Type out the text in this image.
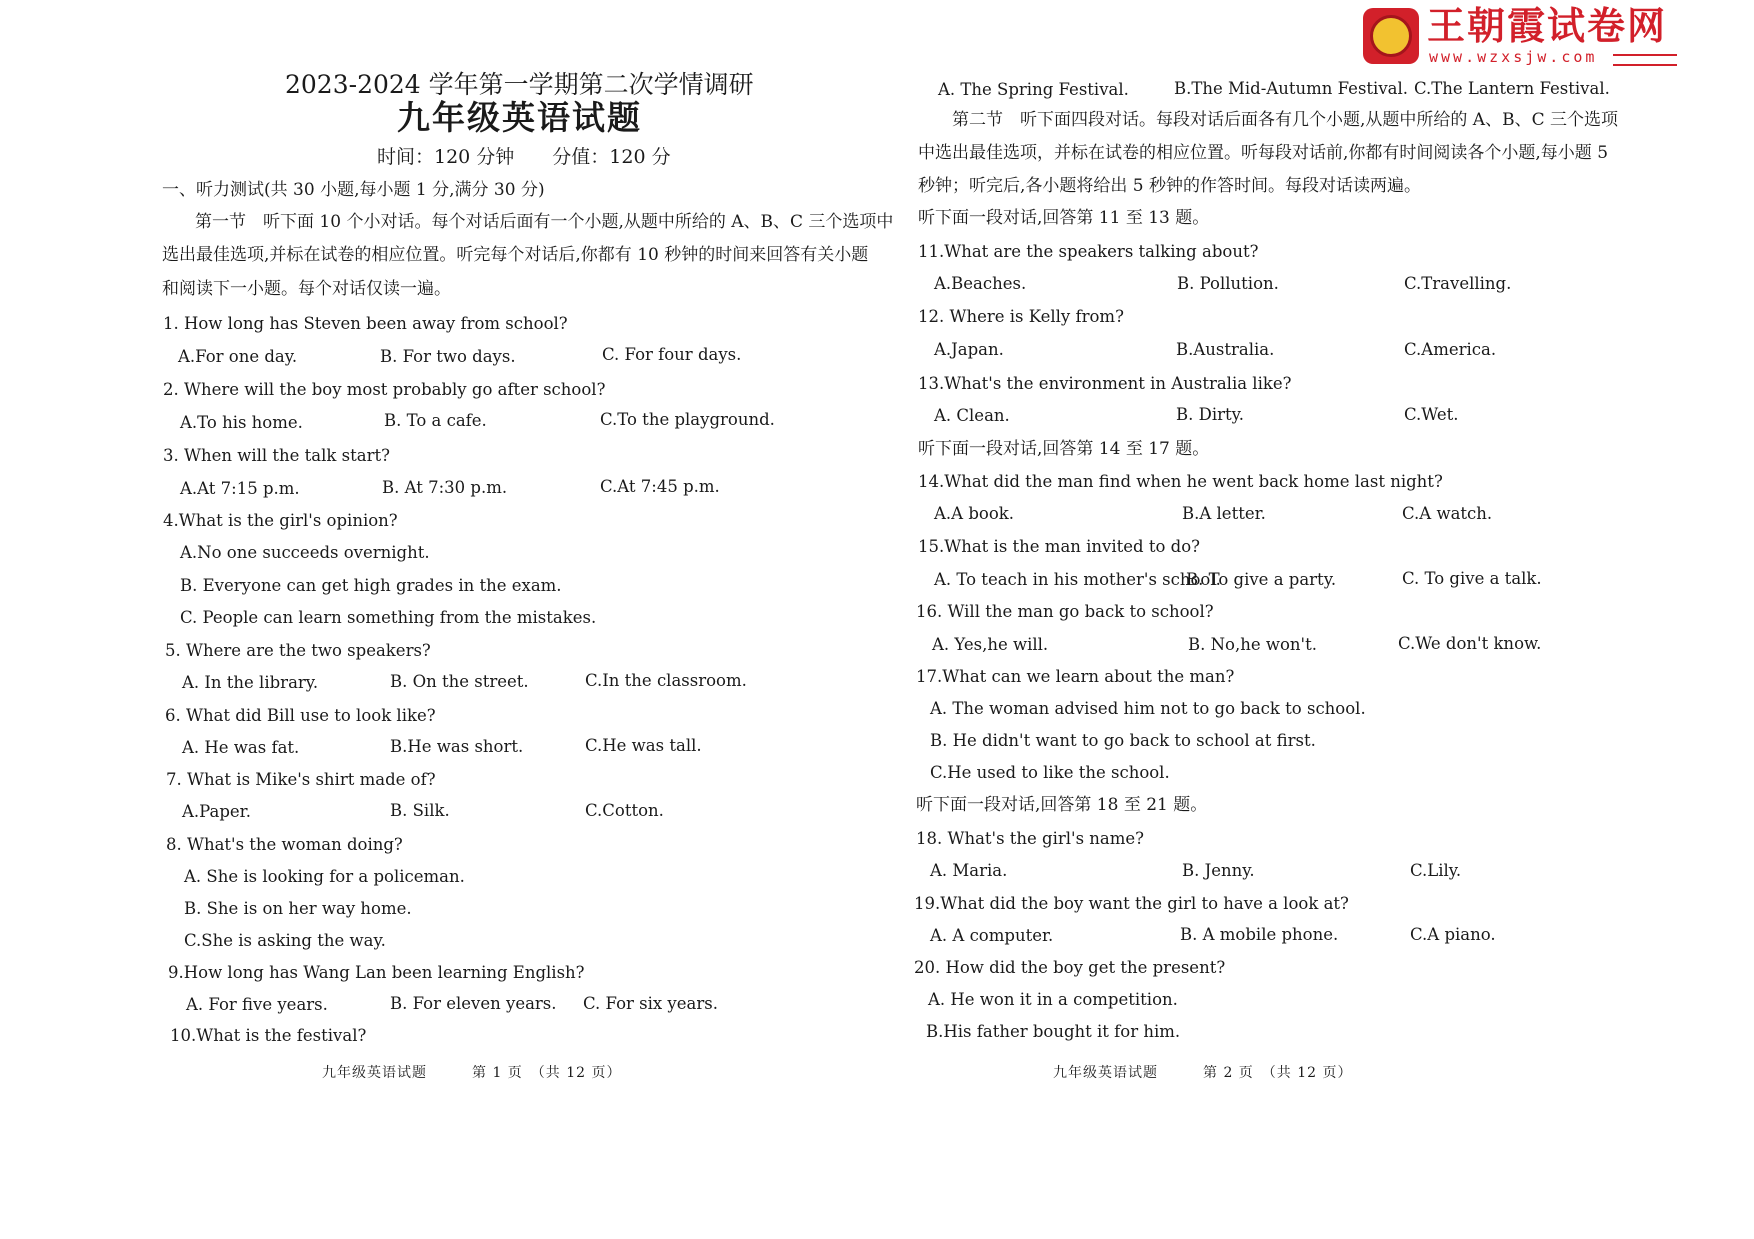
王朝霞试卷网
www.wzxsjw.com
2023-2024 学年第一学期第二次学情调研
九年级英语试题
时间：120 分钟　　分值：120 分
一、听力测试(共 30 小题,每小题 1 分,满分 30 分)
第一节　听下面 10 个小对话。每个对话后面有一个小题,从题中所给的 A、B、C 三个选项中
选出最佳选项,并标在试卷的相应位置。听完每个对话后,你都有 10 秒钟的时间来回答有关小题
和阅读下一小题。每个对话仅读一遍。
1. How long has Steven been away from school?
A.For one day.	B. For two days.	C. For four days.
2. Where will the boy most probably go after school?
A.To his home.	B. To a cafe.	C.To the playground.
3. When will the talk start?
A.At 7:15 p.m.	B. At 7:30 p.m.	C.At 7:45 p.m.
4.What is the girl's opinion?
A.No one succeeds overnight.
B. Everyone can get high grades in the exam.
C. People can learn something from the mistakes.
5. Where are the two speakers?
A. In the library.	B. On the street.	C.In the classroom.
6. What did Bill use to look like?
A. He was fat.	B.He was short.	C.He was tall.
7. What is Mike's shirt made of?
A.Paper.	B. Silk.	C.Cotton.
8. What's the woman doing?
A. She is looking for a policeman.
B. She is on her way home.
C.She is asking the way.
9.How long has Wang Lan been learning English?
A. For five years.	B. For eleven years. C. For six years.
10.What is the festival?
九年级英语试题　　　第 1 页　（共 12 页）
A. The Spring Festival.	B.The Mid-Autumn Festival. C.The Lantern Festival.
第二节　听下面四段对话。每段对话后面各有几个小题,从题中所给的 A、B、C 三个选项
中选出最佳选项，并标在试卷的相应位置。听每段对话前,你都有时间阅读各个小题,每小题 5
秒钟；听完后,各小题将给出 5 秒钟的作答时间。每段对话读两遍。
听下面一段对话,回答第 11 至 13 题。
11.What are the speakers talking about?
A.Beaches.	B. Pollution.	C.Travelling.
12. Where is Kelly from?
A.Japan.	B.Australia.	C.America.
13.What's the environment in Australia like?
A. Clean.	B. Dirty.	C.Wet.
听下面一段对话,回答第 14 至 17 题。
14.What did the man find when he went back home last night?
A.A book.	B.A letter.	C.A watch.
15.What is the man invited to do?
A. To teach in his mother's school.
B. To give a party.	C. To give a talk.
16. Will the man go back to school?
A. Yes,he will.	B. No,he won't.	C.We don't know.
17.What can we learn about the man?
A. The woman advised him not to go back to school.
B. He didn't want to go back to school at first.
C.He used to like the school.
听下面一段对话,回答第 18 至 21 题。
18. What's the girl's name?
A. Maria.	B. Jenny.	C.Lily.
19.What did the boy want the girl to have a look at?
A. A computer.	B. A mobile phone.	C.A piano.
20. How did the boy get the present?
A. He won it in a competition.
B.His father bought it for him.
九年级英语试题　　　第 2 页　（共 12 页）
